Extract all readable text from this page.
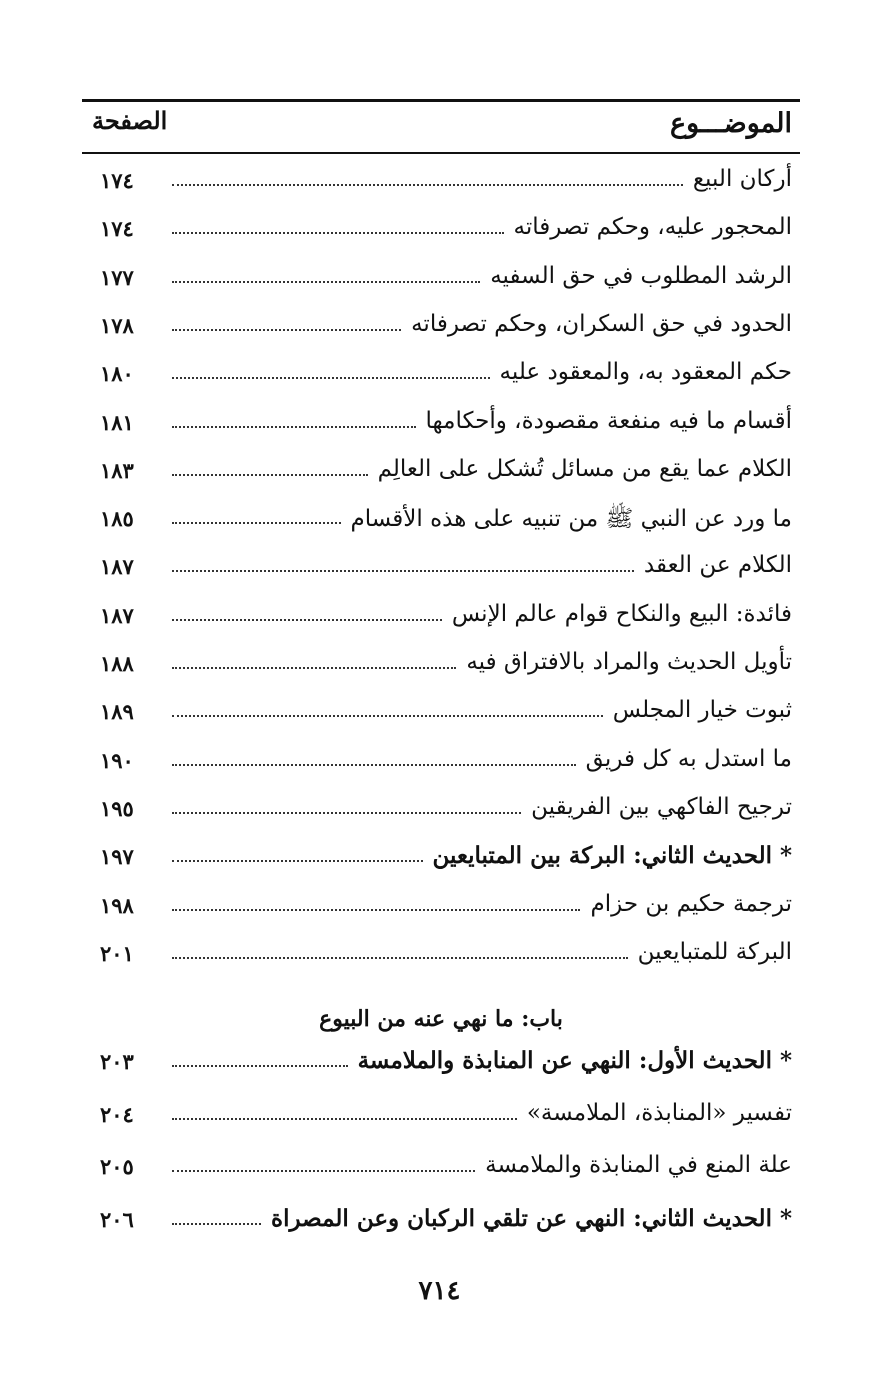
الموضـــوع
الصفحة
أركان البيع
١٧٤
المحجور عليه، وحكم تصرفاته
١٧٤
الرشد المطلوب في حق السفيه
١٧٧
الحدود في حق السكران، وحكم تصرفاته
١٧٨
حكم المعقود به، والمعقود عليه
١٨٠
أقسام ما فيه منفعة مقصودة، وأحكامها
١٨١
الكلام عما يقع من مسائل تُشكل على العالِم
١٨٣
ما ورد عن النبي ﷺ من تنبيه على هذه الأقسام
١٨٥
الكلام عن العقد
١٨٧
فائدة: البيع والنكاح قوام عالم الإنس
١٨٧
تأويل الحديث والمراد بالافتراق فيه
١٨٨
ثبوت خيار المجلس
١٨٩
ما استدل به كل فريق
١٩٠
ترجيح الفاكهي بين الفريقين
١٩٥
* الحديث الثاني: البركة بين المتبايعين
١٩٧
ترجمة حكيم بن حزام
١٩٨
البركة للمتبايعين
٢٠١
باب: ما نهي عنه من البيوع
* الحديث الأول: النهي عن المنابذة والملامسة
٢٠٣
تفسير «المنابذة، الملامسة»
٢٠٤
علة المنع في المنابذة والملامسة
٢٠٥
* الحديث الثاني: النهي عن تلقي الركبان وعن المصراة
٢٠٦
٧١٤
